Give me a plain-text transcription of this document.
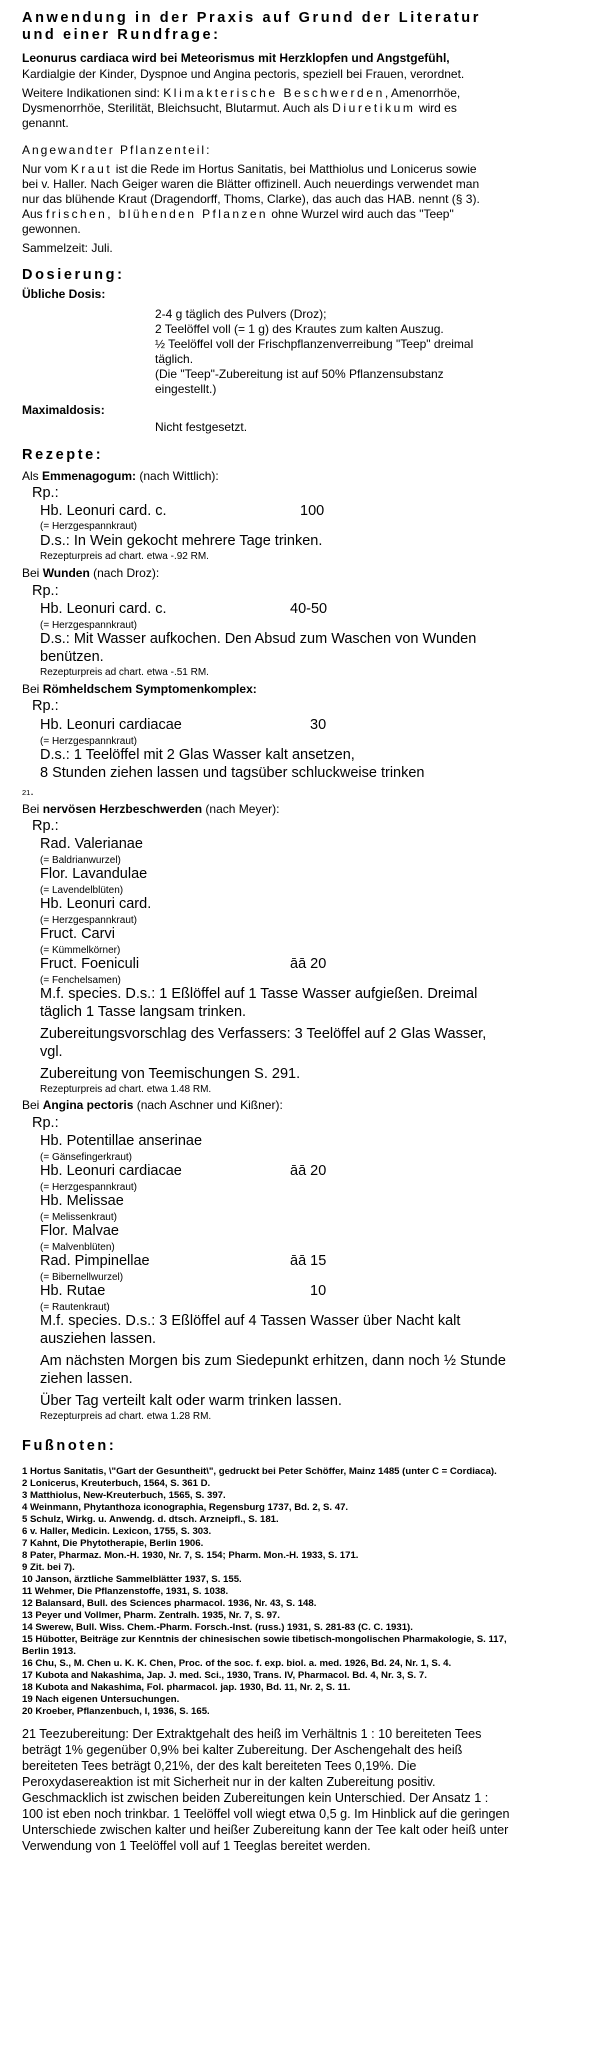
Anwendung in der Praxis auf Grund der Literatur
und einer Rundfrage:
Leonurus cardiaca wird bei Meteorismus mit Herzklopfen und Angstgefühl,
Kardialgie der Kinder, Dyspnoe und Angina pectoris, speziell bei Frauen, verordnet.
Weitere Indikationen sind: Klimakterische Beschwerden, Amenorrhöe,
Dysmenorrhöe, Sterilität, Bleichsucht, Blutarmut. Auch als Diuretikum wird es
genannt.
Angewandter Pflanzenteil:
Nur vom Kraut ist die Rede im Hortus Sanitatis, bei Matthiolus und Lonicerus sowie
bei v. Haller. Nach Geiger waren die Blätter offizinell. Auch neuerdings verwendet man
nur das blühende Kraut (Dragendorff, Thoms, Clarke), das auch das HAB. nennt (§ 3).
Aus frischen, blühenden Pflanzen ohne Wurzel wird auch das "Teep"
gewonnen.
Sammelzeit: Juli.
Dosierung:
Übliche Dosis:
2-4 g täglich des Pulvers (Droz);
2 Teelöffel voll (= 1 g) des Krautes zum kalten Auszug.
½ Teelöffel voll der Frischpflanzenverreibung "Teep" dreimal
täglich.
(Die "Teep"-Zubereitung ist auf 50% Pflanzensubstanz
eingestellt.)
Maximaldosis:
Nicht festgesetzt.
Rezepte:
Als Emmenagogum: (nach Wittlich):
Rp.:
Hb. Leonuri card. c.	100
(= Herzgespannkraut)
D.s.: In Wein gekocht mehrere Tage trinken.
Rezepturpreis ad chart. etwa -.92 RM.
Bei Wunden (nach Droz):
Rp.:
Hb. Leonuri card. c.	40-50
(= Herzgespannkraut)
D.s.: Mit Wasser aufkochen. Den Absud zum Waschen von Wunden
benützen.
Rezepturpreis ad chart. etwa -.51 RM.
Bei Römheldschem Symptomenkomplex:
Rp.:
Hb. Leonuri cardiacae	30
(= Herzgespannkraut)
D.s.: 1 Teelöffel mit 2 Glas Wasser kalt ansetzen,
8 Stunden ziehen lassen und tagsüber schluckweise trinken
21.
Bei nervösen Herzbeschwerden (nach Meyer):
Rp.:
Rad. Valerianae
(= Baldrianwurzel)
Flor. Lavandulae
(= Lavendelblüten)
Hb. Leonuri card.
(= Herzgespannkraut)
Fruct. Carvi
(= Kümmelkörner)
Fruct. Foeniculi	āā 20
(= Fenchelsamen)
M.f. species. D.s.: 1 Eßlöffel auf 1 Tasse Wasser aufgießen. Dreimal
täglich 1 Tasse langsam trinken.
Zubereitungsvorschlag des Verfassers: 3 Teelöffel auf 2 Glas Wasser,
vgl.
Zubereitung von Teemischungen S. 291.
Rezepturpreis ad chart. etwa 1.48 RM.
Bei Angina pectoris (nach Aschner und Kißner):
Rp.:
Hb. Potentillae anserinae
(= Gänsefingerkraut)
Hb. Leonuri cardiacae	āā 20
(= Herzgespannkraut)
Hb. Melissae
(= Melissenkraut)
Flor. Malvae
(= Malvenblüten)
Rad. Pimpinellae	āā 15
(= Bibernellwurzel)
Hb. Rutae	10
(= Rautenkraut)
M.f. species. D.s.: 3 Eßlöffel auf 4 Tassen Wasser über Nacht kalt
ausziehen lassen.
Am nächsten Morgen bis zum Siedepunkt erhitzen, dann noch ½ Stunde
ziehen lassen.
Über Tag verteilt kalt oder warm trinken lassen.
Rezepturpreis ad chart. etwa 1.28 RM.
Fußnoten:
1 Hortus Sanitatis, \"Gart der Gesuntheit\", gedruckt bei Peter Schöffer, Mainz 1485 (unter C = Cordiaca).
2 Lonicerus, Kreuterbuch, 1564, S. 361 D.
3 Matthiolus, New-Kreuterbuch, 1565, S. 397.
4 Weinmann, Phytanthoza iconographia, Regensburg 1737, Bd. 2, S. 47.
5 Schulz, Wirkg. u. Anwendg. d. dtsch. Arzneipfl., S. 181.
6 v. Haller, Medicin. Lexicon, 1755, S. 303.
7 Kahnt, Die Phytotherapie, Berlin 1906.
8 Pater, Pharmaz. Mon.-H. 1930, Nr. 7, S. 154; Pharm. Mon.-H. 1933, S. 171.
9 Zit. bei 7).
10 Janson, ärztliche Sammelblätter 1937, S. 155.
11 Wehmer, Die Pflanzenstoffe, 1931, S. 1038.
12 Balansard, Bull. des Sciences pharmacol. 1936, Nr. 43, S. 148.
13 Peyer und Vollmer, Pharm. Zentralh. 1935, Nr. 7, S. 97.
14 Swerew, Bull. Wiss. Chem.-Pharm. Forsch.-Inst. (russ.) 1931, S. 281-83 (C. C. 1931).
15 Hübotter, Beiträge zur Kenntnis der chinesischen sowie tibetisch-mongolischen Pharmakologie, S. 117,
Berlin 1913.
16 Chu, S., M. Chen u. K. K. Chen, Proc. of the soc. f. exp. biol. a. med. 1926, Bd. 24, Nr. 1, S. 4.
17 Kubota and Nakashima, Jap. J. med. Sci., 1930, Trans. IV, Pharmacol. Bd. 4, Nr. 3, S. 7.
18 Kubota and Nakashima, Fol. pharmacol. jap. 1930, Bd. 11, Nr. 2, S. 11.
19 Nach eigenen Untersuchungen.
20 Kroeber, Pflanzenbuch, I, 1936, S. 165.
21 Teezubereitung: Der Extraktgehalt des heiß im Verhältnis 1 : 10 bereiteten Tees
beträgt 1% gegenüber 0,9% bei kalter Zubereitung. Der Aschengehalt des heiß
bereiteten Tees beträgt 0,21%, der des kalt bereiteten Tees 0,19%. Die
Peroxydasereaktion ist mit Sicherheit nur in der kalten Zubereitung positiv.
Geschmacklich ist zwischen beiden Zubereitungen kein Unterschied. Der Ansatz 1 :
100 ist eben noch trinkbar. 1 Teelöffel voll wiegt etwa 0,5 g. Im Hinblick auf die geringen
Unterschiede zwischen kalter und heißer Zubereitung kann der Tee kalt oder heiß unter
Verwendung von 1 Teelöffel voll auf 1 Teeglas bereitet werden.
